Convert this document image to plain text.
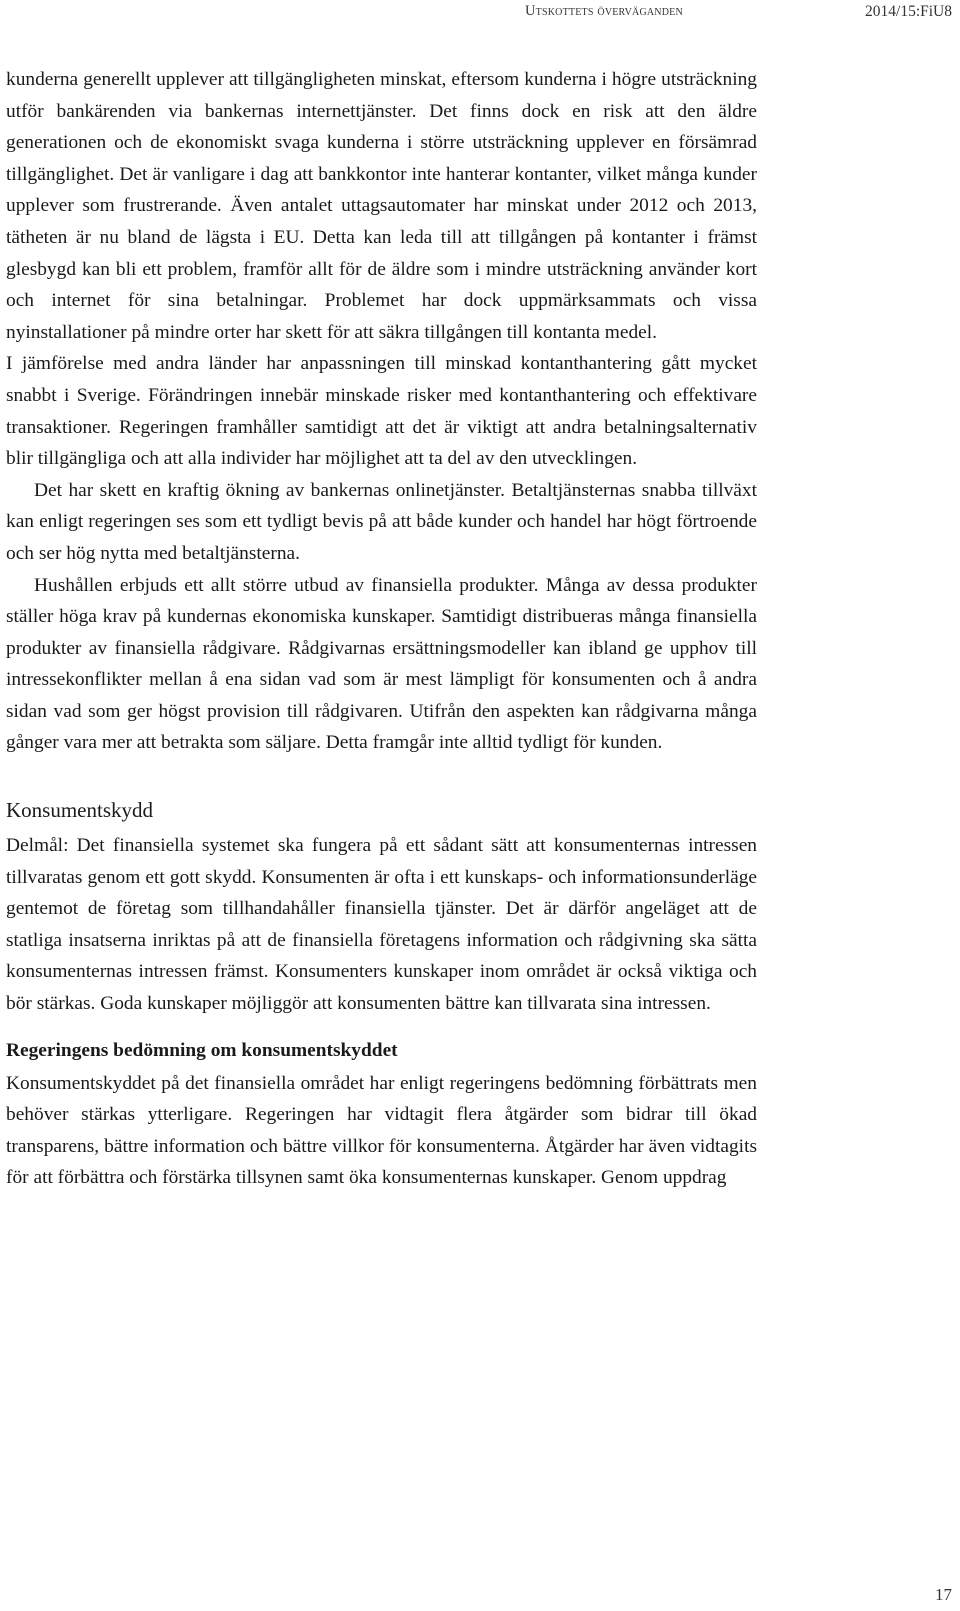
Utskottets överväganden	2014/15:FiU8

kunderna generellt upplever att tillgängligheten minskat, eftersom kunderna i högre utsträckning utför bankärenden via bankernas internettjänster. Det finns dock en risk att den äldre generationen och de ekonomiskt svaga kunderna i större utsträckning upplever en försämrad tillgänglighet. Det är vanligare i dag att bankkontor inte hanterar kontanter, vilket många kunder upplever som frustrerande. Även antalet uttagsautomater har minskat under 2012 och 2013, tätheten är nu bland de lägsta i EU. Detta kan leda till att tillgången på kontanter i främst glesbygd kan bli ett problem, framför allt för de äldre som i mindre utsträckning använder kort och internet för sina betalningar. Problemet har dock uppmärksammats och vissa nyinstallationer på mindre orter har skett för att säkra tillgången till kontanta medel.

I jämförelse med andra länder har anpassningen till minskad kontanthantering gått mycket snabbt i Sverige. Förändringen innebär minskade risker med kontanthantering och effektivare transaktioner. Regeringen framhåller samtidigt att det är viktigt att andra betalningsalternativ blir tillgängliga och att alla individer har möjlighet att ta del av den utvecklingen.

Det har skett en kraftig ökning av bankernas onlinetjänster. Betaltjänsternas snabba tillväxt kan enligt regeringen ses som ett tydligt bevis på att både kunder och handel har högt förtroende och ser hög nytta med betaltjänsterna.

Hushållen erbjuds ett allt större utbud av finansiella produkter. Många av dessa produkter ställer höga krav på kundernas ekonomiska kunskaper. Samtidigt distribueras många finansiella produkter av finansiella rådgivare. Rådgivarnas ersättningsmodeller kan ibland ge upphov till intressekonflikter mellan å ena sidan vad som är mest lämpligt för konsumenten och å andra sidan vad som ger högst provision till rådgivaren. Utifrån den aspekten kan rådgivarna många gånger vara mer att betrakta som säljare. Detta framgår inte alltid tydligt för kunden.

Konsumentskydd

Delmål: Det finansiella systemet ska fungera på ett sådant sätt att konsumenternas intressen tillvaratas genom ett gott skydd. Konsumenten är ofta i ett kunskaps- och informationsunderläge gentemot de företag som tillhandahåller finansiella tjänster. Det är därför angeläget att de statliga insatserna inriktas på att de finansiella företagens information och rådgivning ska sätta konsumenternas intressen främst. Konsumenters kunskaper inom området är också viktiga och bör stärkas. Goda kunskaper möjliggör att konsumenten bättre kan tillvarata sina intressen.

Regeringens bedömning om konsumentskyddet

Konsumentskyddet på det finansiella området har enligt regeringens bedömning förbättrats men behöver stärkas ytterligare. Regeringen har vidtagit flera åtgärder som bidrar till ökad transparens, bättre information och bättre villkor för konsumenterna. Åtgärder har även vidtagits för att förbättra och förstärka tillsynen samt öka konsumenternas kunskaper. Genom uppdrag

17
